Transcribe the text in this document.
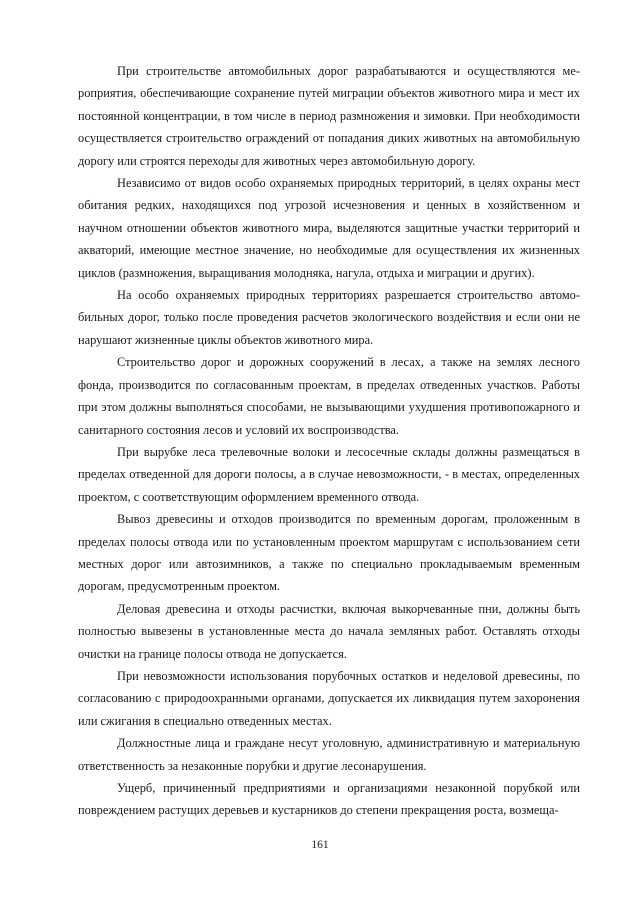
При строительстве автомобильных дорог разрабатываются и осуществляются мероприятия, обеспечивающие сохранение путей миграции объектов животного мира и мест их постоянной концентрации, в том числе в период размножения и зимовки. При необходимости осуществляется строительство ограждений от попадания диких животных на автомобильную дорогу или строятся переходы для животных через автомобильную дорогу.

Независимо от видов особо охраняемых природных территорий, в целях охраны мест обитания редких, находящихся под угрозой исчезновения и ценных в хозяйственном и научном отношении объектов животного мира, выделяются защитные участки территорий и акваторий, имеющие местное значение, но необходимые для осуществления их жизненных циклов (размножения, выращивания молодняка, нагула, отдыха и миграции и других).

На особо охраняемых природных территориях разрешается строительство автомобильных дорог, только после проведения расчетов экологического воздействия и если они не нарушают жизненные циклы объектов животного мира.

Строительство дорог и дорожных сооружений в лесах, а также на землях лесного фонда, производится по согласованным проектам, в пределах отведенных участков. Работы при этом должны выполняться способами, не вызывающими ухудшения противопожарного и санитарного состояния лесов и условий их воспроизводства.

При вырубке леса трелевочные волоки и лесосечные склады должны размещаться в пределах отведенной для дороги полосы, а в случае невозможности, - в местах, определенных проектом, с соответствующим оформлением временного отвода.

Вывоз древесины и отходов производится по временным дорогам, проложенным в пределах полосы отвода или по установленным проектом маршрутам с использованием сети местных дорог или автозимников, а также по специально прокладываемым временным дорогам, предусмотренным проектом.

Деловая древесина и отходы расчистки, включая выкорчеванные пни, должны быть полностью вывезены в установленные места до начала земляных работ. Оставлять отходы очистки на границе полосы отвода не допускается.

При невозможности использования порубочных остатков и неделовой древесины, по согласованию с природоохранными органами, допускается их ликвидация путем захоронения или сжигания в специально отведенных местах.

Должностные лица и граждане несут уголовную, административную и материальную ответственность за незаконные порубки и другие лесонарушения.

Ущерб, причиненный предприятиями и организациями незаконной порубкой или повреждением растущих деревьев и кустарников до степени прекращения роста, возмеща-

161
